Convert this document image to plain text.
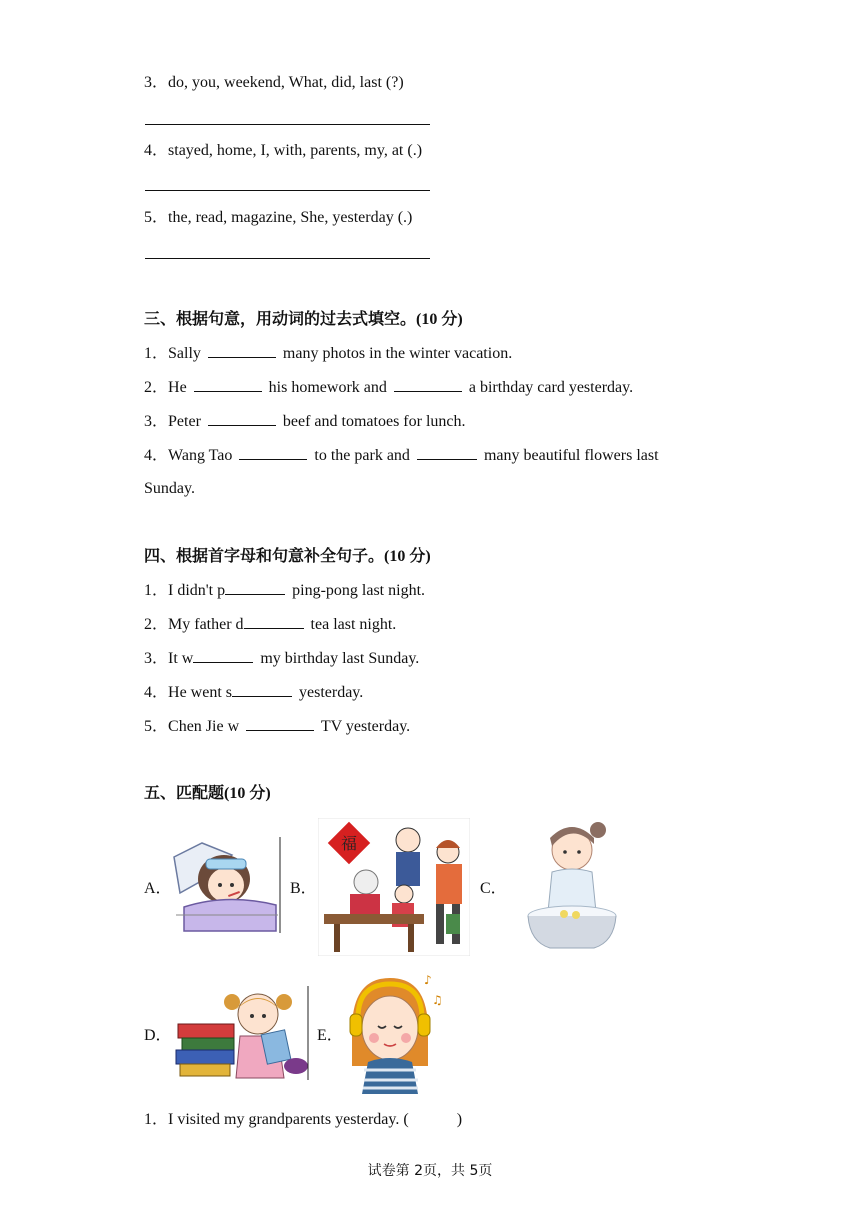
3．do, you, weekend, What, did, last (?)
4．stayed, home, I, with, parents, my, at (.)
5．the, read, magazine, She, yesterday (.)
三、根据句意，用动词的过去式填空。(10 分)
1．Sally	many photos in the winter vacation.
2．He	his homework and	a birthday card yesterday.
3．Peter	beef and tomatoes for lunch.
4．Wang Tao	to the park and	many beautiful flowers last
Sunday.
四、根据首字母和句意补全句子。(10 分)
1．I didn't p	ping-pong last night.
2．My father d	tea last night.
3．It w	my birthday last Sunday.
4．He went s	yesterday.
5．Chen Jie w	TV yesterday.
五、匹配题(10 分)
A．	B．
福
C．
D．	E．
♪
♫
1．I visited my grandparents yesterday. (	)
试卷第 2页，共 5页
